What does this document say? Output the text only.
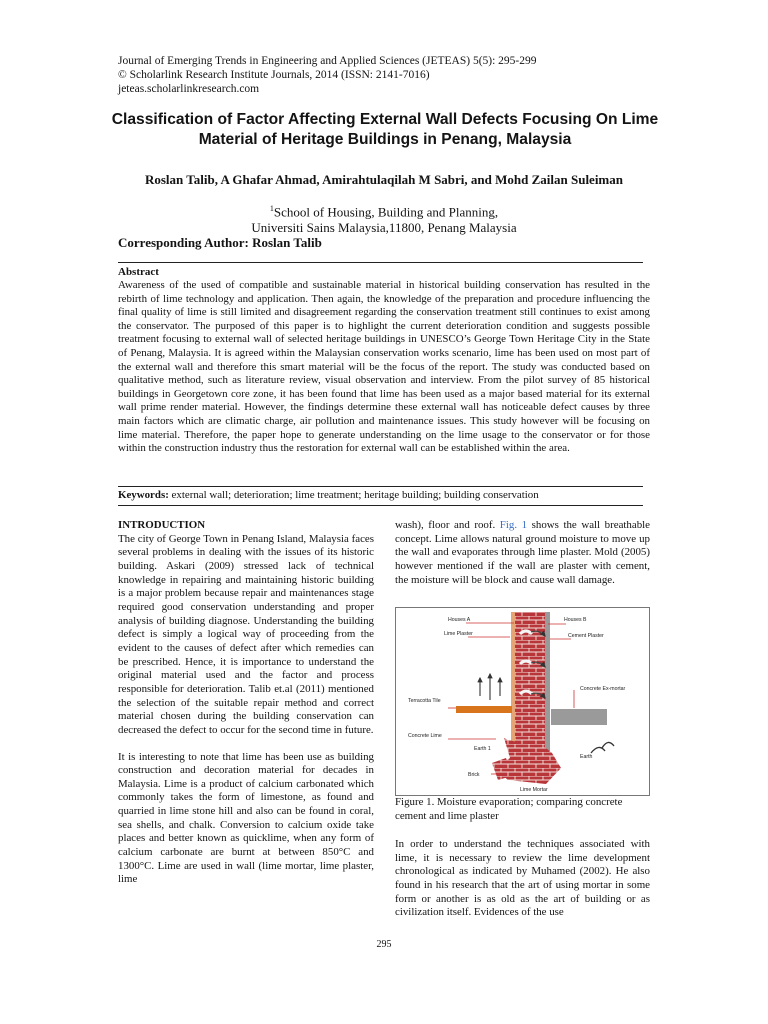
Journal of Emerging Trends in Engineering and Applied Sciences (JETEAS) 5(5): 295-299
© Scholarlink Research Institute Journals, 2014 (ISSN: 2141-7016)
jeteas.scholarlinkresearch.com
Classification of Factor Affecting External Wall Defects Focusing On Lime Material of Heritage Buildings in Penang, Malaysia
Roslan Talib, A Ghafar Ahmad, Amirahtulaqilah M Sabri, and Mohd Zailan Suleiman
$^1$School of Housing, Building and Planning,
Universiti Sains Malaysia,11800, Penang Malaysia
Corresponding Author: Roslan Talib
Abstract
Awareness of the used of compatible and sustainable material in historical building conservation has resulted in the rebirth of lime technology and application. Then again, the knowledge of the preparation and procedure influencing the final quality of lime is still limited and disagreement regarding the conservation treatment still continues to exist among the conservator. The purposed of this paper is to highlight the current deterioration condition and suggests possible treatment focusing to external wall of selected heritage buildings in UNESCO’s George Town Heritage City in the State of Penang, Malaysia. It is agreed within the Malaysian conservation works scenario, lime has been used on most part of the external wall and therefore this smart material will be the focus of the report. The study was conducted based on qualitative method, such as literature review, visual observation and interview. From the pilot survey of 85 historical buildings in Georgetown core zone, it has been found that lime has been used as a major based material for its external wall prime render material. However, the findings determine these external wall has noticeable defect causes by three main factors which are climatic charge, air pollution and maintenance issues. This study however will be focusing on lime material. Therefore, the paper hope to generate understanding on the lime usage to the conservator or for those within the construction industry thus the restoration for external wall can be established within the area.
Keywords: external wall; deterioration; lime treatment; heritage building; building conservation
INTRODUCTION

The city of George Town in Penang Island, Malaysia faces several problems in dealing with the issues of its historic building. Askari (2009) stressed lack of technical knowledge in repairing and maintaining historic building is a major problem because repair and maintenances stage required good conservation understanding and proper analysis of building diagnose. Understanding the building defect is simply a logical way of proceeding from the evident to the causes of defect after which remedies can be prescribed. Hence, it is importance to understand the original material used and the factor and process responsible for deterioration. Talib et.al (2011) mentioned the selection of the suitable repair method and correct material chosen during the building conservation can decreased the defect to occur for the second time in future.

It is interesting to note that lime has been use as building construction and decoration material for decades in Malaysia. Lime is a product of calcium carbonated which commonly takes the form of limestone, as found and quarried in lime stone hill and also can be found in coral, sea shells, and chalk. Conversion to calcium oxide take places and better known as quicklime, when any form of calcium carbonate are burnt at between 850°C and 1300°C. Lime are used in wall (lime mortar, lime plaster, lime

wash), floor and roof. Fig. 1 shows the wall breathable concept. Lime allows natural ground moisture to move up the wall and evaporates through lime plaster. Mold (2005) however mentioned if the wall are plaster with cement, the moisture will be block and cause wall damage.

Houses A	Houses B
Lime Plaster	Cement Plaster
Concrete Ex-mortar
Terracotta Tile
Concrete Lime
Earth 1
Earth
Brick
Lime Mortar
Figure 1. Moisture evaporation; comparing concrete cement and lime plaster

In order to understand the techniques associated with lime, it is necessary to review the lime development chronological as indicated by Muhamed (2002). He also found in his research that the art of using mortar in some form or another is as old as the art of building or as civilization itself. Evidences of the use

295
